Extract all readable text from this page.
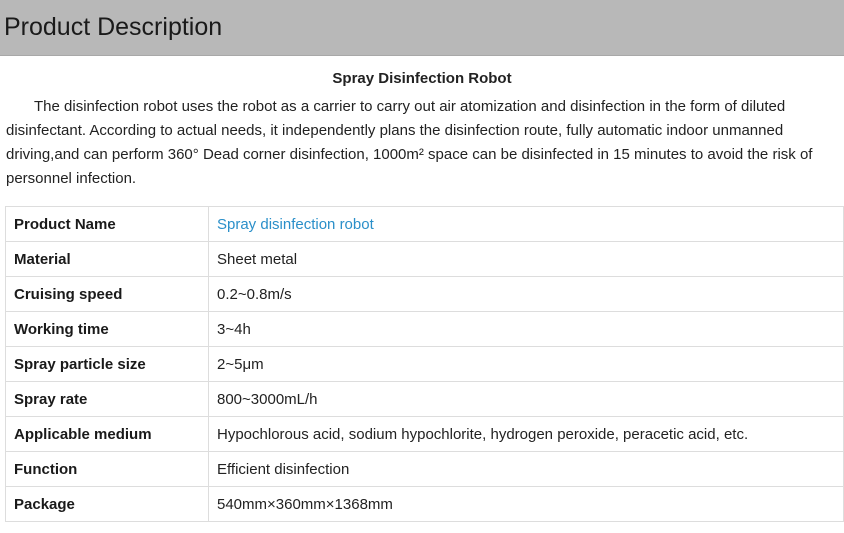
Product Description
Spray Disinfection Robot

The disinfection robot uses the robot as a carrier to carry out air atomization and disinfection in the form of diluted disinfectant. According to actual needs, it independently plans the disinfection route, fully automatic indoor unmanned driving,and can perform 360° Dead corner disinfection, 1000m² space can be disinfected in 15 minutes to avoid the risk of personnel infection.

Product Name	Spray disinfection robot
Material	Sheet metal
Cruising speed	0.2~0.8m/s
Working time	3~4h
Spray particle size	2~5μm
Spray rate	800~3000mL/h
Applicable medium	Hypochlorous acid, sodium hypochlorite, hydrogen peroxide, peracetic acid, etc.
Function	Efficient disinfection
Package	540mm×360mm×1368mm
